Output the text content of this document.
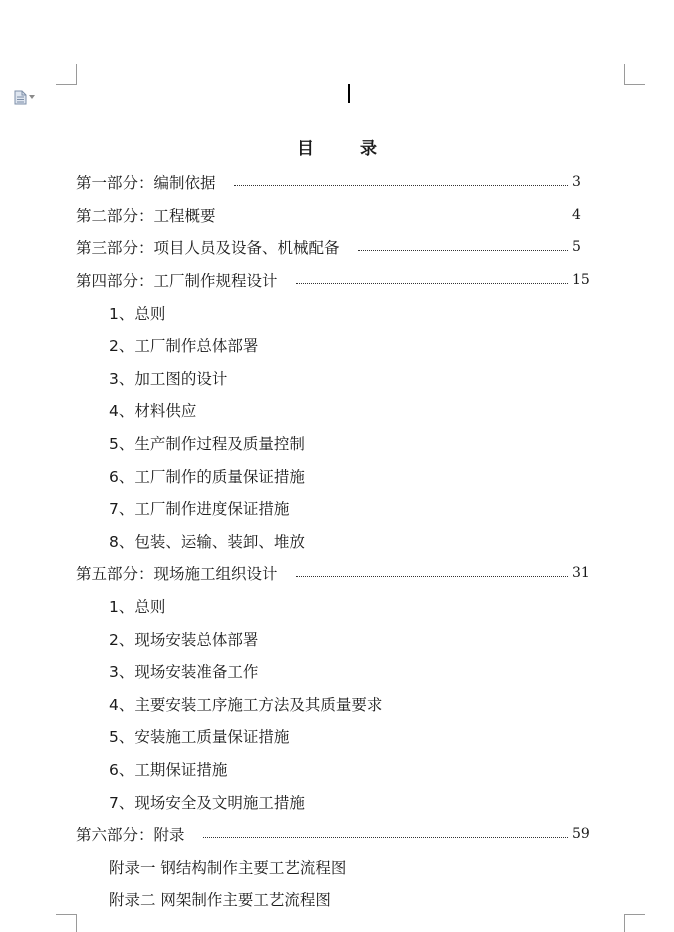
目 录
第一部分：编制依据	3
第二部分：工程概要	4
第三部分：项目人员及设备、机械配备	5
第四部分：工厂制作规程设计	15
1、总则
2、工厂制作总体部署
3、加工图的设计
4、材料供应
5、生产制作过程及质量控制
6、工厂制作的质量保证措施
7、工厂制作进度保证措施
8、包装、运输、装卸、堆放
第五部分：现场施工组织设计	31
1、总则
2、现场安装总体部署
3、现场安装准备工作
4、主要安装工序施工方法及其质量要求
5、安装施工质量保证措施
6、工期保证措施
7、现场安全及文明施工措施
第六部分：附录	59
附录一 钢结构制作主要工艺流程图
附录二 网架制作主要工艺流程图
